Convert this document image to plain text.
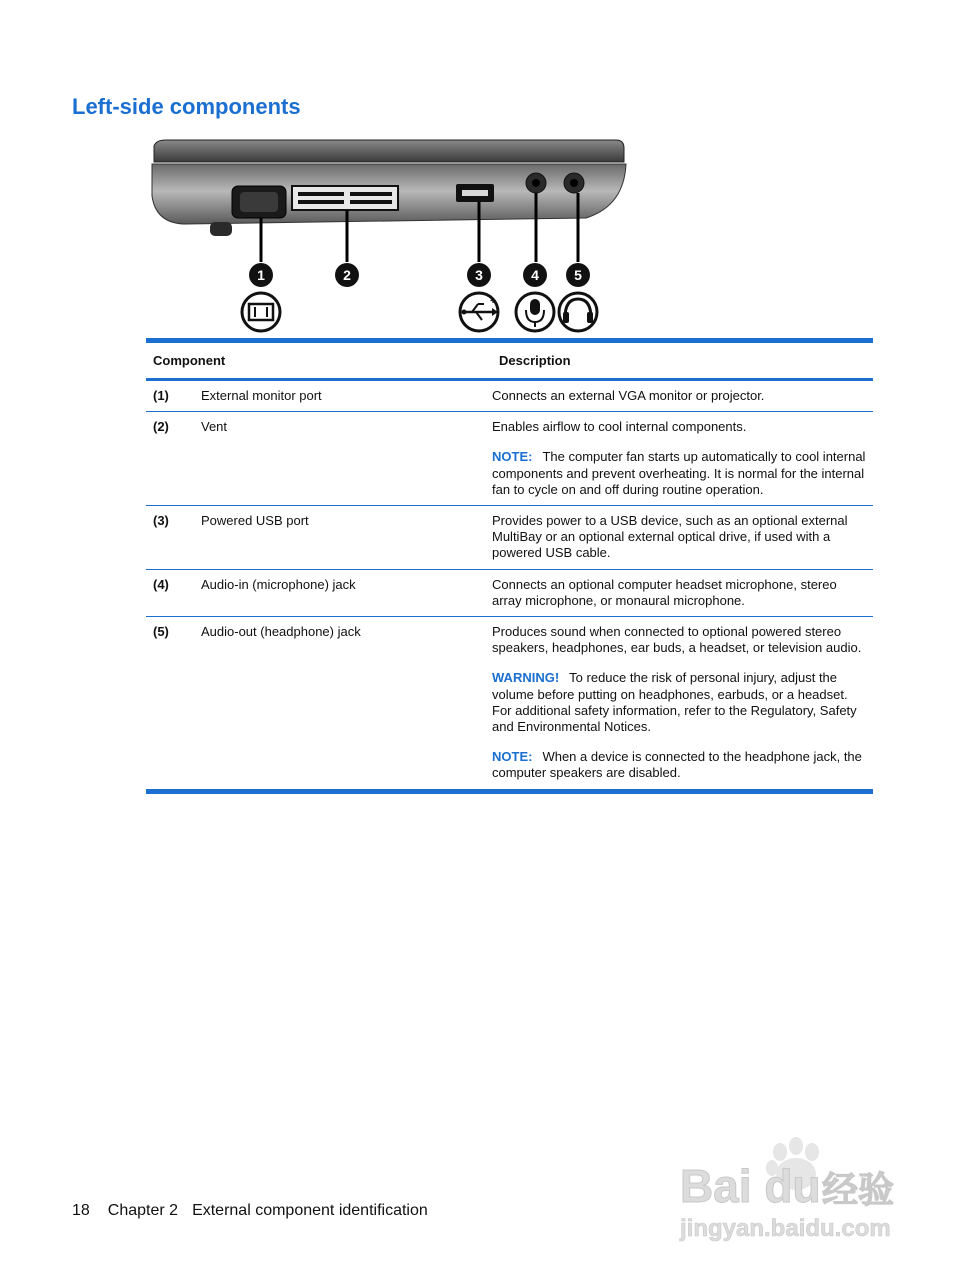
Left-side components
1	2	3	4	5
+
Component	Description
(1)	External monitor port	Connects an external VGA monitor or projector.

(2)	Vent	Enables airflow to cool internal components.

NOTE: The computer fan starts up automatically to cool internal components and prevent overheating. It is normal for the internal fan to cycle on and off during routine operation.

(3)	Powered USB port	Provides power to a USB device, such as an optional external MultiBay or an optional external optical drive, if used with a powered USB cable.

(4)	Audio-in (microphone) jack	Connects an optional computer headset microphone, stereo array microphone, or monaural microphone.

(5)	Audio-out (headphone) jack	Produces sound when connected to optional powered stereo speakers, headphones, ear buds, a headset, or television audio.

WARNING! To reduce the risk of personal injury, adjust the volume before putting on headphones, earbuds, or a headset. For additional safety information, refer to the Regulatory, Safety and Environmental Notices.

NOTE: When a device is connected to the headphone jack, the computer speakers are disabled.

Bai du 经验
jingyan.baidu.com
18 Chapter 2 External component identification
